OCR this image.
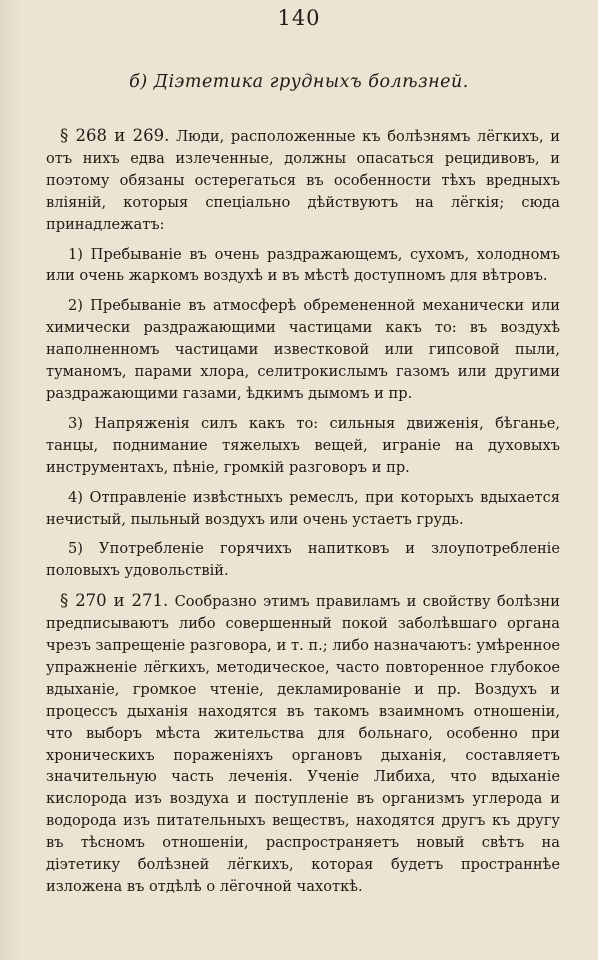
140
б) Діэтетика грудныхъ болѣзней.

§ 268 и 269. Люди, расположенные къ болѣзнямъ лёгкихъ, и отъ нихъ едва излеченные, должны опасаться рецидивовъ, и поэтому обязаны остерегаться въ особенности тѣхъ вредныхъ вліяній, которыя спеціально дѣйствуютъ на лёгкія; сюда принадлежатъ:

1) Пребываніе въ очень раздражающемъ, сухомъ, холодномъ или очень жаркомъ воздухѣ и въ мѣстѣ доступномъ для вѣтровъ.

2) Пребываніе въ атмосферѣ обремененной механически или химически раздражающими частицами какъ то: въ воздухѣ наполненномъ частицами известковой или гипсовой пыли, туманомъ, парами хлора, селитрокислымъ газомъ или другими раздражающими газами, ѣдкимъ дымомъ и пр.

3) Напряженія силъ какъ то: сильныя движенія, бѣганье, танцы, поднимание тяжелыхъ вещей, играніе на духовыхъ инструментахъ, пѣніе, громкій разговоръ и пр.

4) Отправленіе извѣстныхъ ремеслъ, при которыхъ вдыхается нечистый, пыльный воздухъ или очень устаетъ грудь.

5) Употребленіе горячихъ напитковъ и злоупотребленіе половыхъ удовольствій.

§ 270 и 271. Сообразно этимъ правиламъ и свойству болѣзни предписываютъ либо совершенный покой заболѣвшаго органа чрезъ запрещеніе разговора, и т. п.; либо назначаютъ: умѣренное упражненіе лёгкихъ, методическое, часто повторенное глубокое вдыханіе, громкое чтеніе, декламированіе и пр. Воздухъ и процессъ дыханія находятся въ такомъ взаимномъ отношеніи, что выборъ мѣста жительства для больнаго, особенно при хроническихъ пораженіяхъ органовъ дыханія, составляетъ значительную часть леченія. Ученіе Либиха, что вдыханіе кислорода изъ воздуха и поступленіе въ организмъ углерода и водорода изъ питательныхъ веществъ, находятся другъ къ другу въ тѣсномъ отношеніи, распространяетъ новый свѣтъ на діэтетику болѣзней лёгкихъ, которая будетъ пространнѣе изложена въ отдѣлѣ о лёгочной чахоткѣ.
